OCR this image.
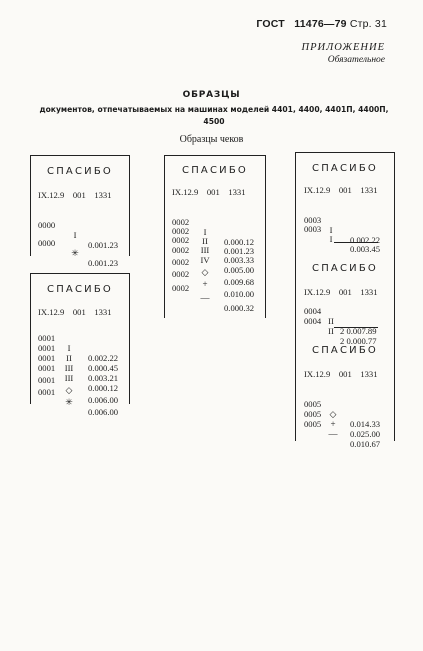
ГОСТ 11476—79 Стр. 31
ПРИЛОЖЕНИЕ
Обязательное
ОБРАЗЦЫ
документов, отпечатываемых на машинах моделей 4401, 4400, 4401П, 4400П,
4500
Образцы чеков
СПАСИБО
IX.12.9    001    1331

0000

I

0.001.23

0000

✳

0.001.23

СПАСИБО
IX.12.9    001    1331

0001

I

0.002.22

0001

II

0.000.45

0001

III

0.003.21

0001

III

0.000.12

0001

◇

0.006.00

0001

✳

0.006.00

СПАСИБО
IX.12.9    001    1331

0002

I

0.000.12

0002

II

0.001.23

0002

III

0.003.33

0002

IV

0.005.00

0002

◇

0.009.68

0002

+

0.010.00

0002

—

0.000.32

СПАСИБО
IX.12.9    001    1331

0003

I

0.002.22

0003

I

0.003.45

СПАСИБО
IX.12.9    001    1331

0004

II

2 0.007.89

0004

II

2 0.000.77

СПАСИБО
IX.12.9    001    1331

0005

◇

0.014.33

0005

+

0.025.00

0005

—

0.010.67
